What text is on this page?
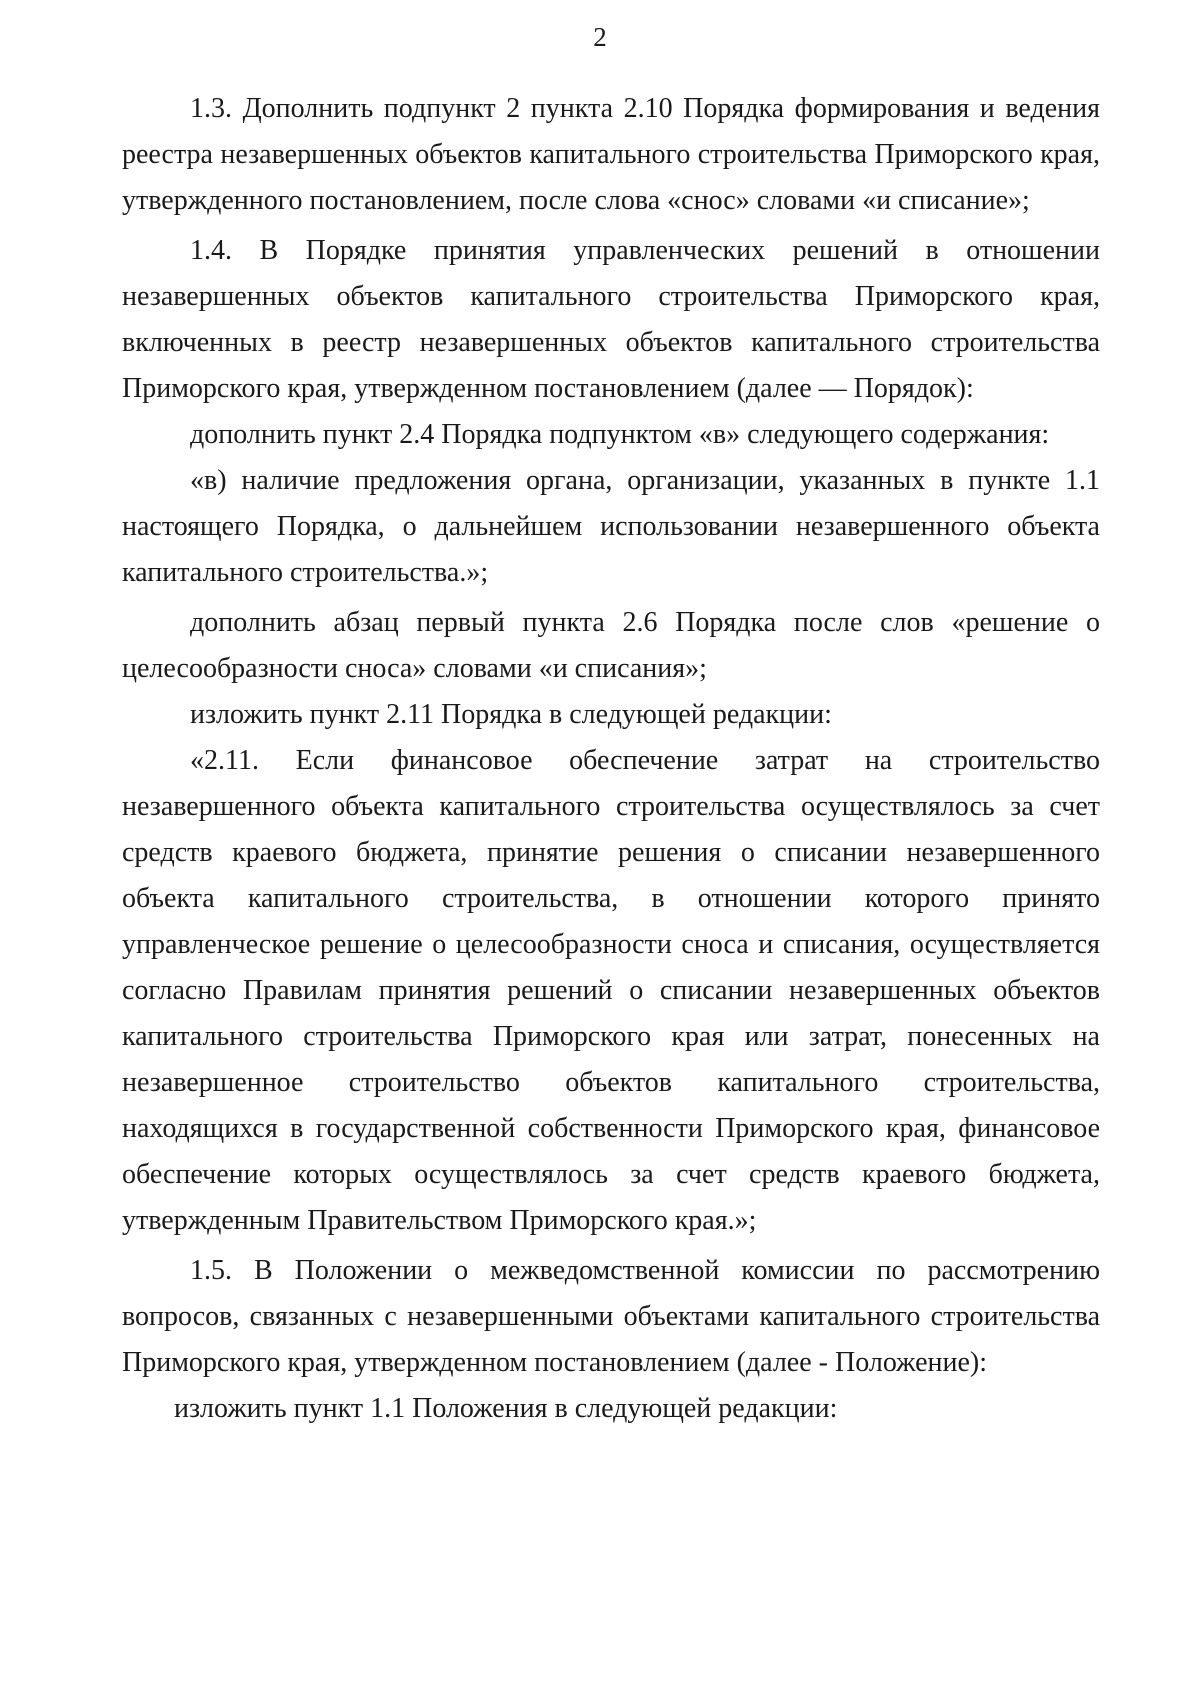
2

1.3. Дополнить подпункт 2 пункта 2.10 Порядка формирования и ведения реестра незавершенных объектов капитального строительства Приморского края, утвержденного постановлением, после слова «снос» словами «и списание»;

1.4. В Порядке принятия управленческих решений в отношении незавершенных объектов капитального строительства Приморского края, включенных в реестр незавершенных объектов капитального строительства Приморского края, утвержденном постановлением (далее — Порядок):

дополнить пункт 2.4 Порядка подпунктом «в» следующего содержания:

«в) наличие предложения органа, организации, указанных в пункте 1.1 настоящего Порядка, о дальнейшем использовании незавершенного объекта капитального строительства.»;

дополнить абзац первый пункта 2.6 Порядка после слов «решение о целесообразности сноса» словами «и списания»;

изложить пункт 2.11 Порядка в следующей редакции:

«2.11. Если финансовое обеспечение затрат на строительство незавершенного объекта капитального строительства осуществлялось за счет средств краевого бюджета, принятие решения о списании незавершенного объекта капитального строительства, в отношении которого принято управленческое решение о целесообразности сноса и списания, осуществляется согласно Правилам принятия решений о списании незавершенных объектов капитального строительства Приморского края или затрат, понесенных на незавершенное строительство объектов капитального строительства, находящихся в государственной собственности Приморского края, финансовое обеспечение которых осуществлялось за счет средств краевого бюджета, утвержденным Правительством Приморского края.»;

1.5. В Положении о межведомственной комиссии по рассмотрению вопросов, связанных с незавершенными объектами капитального строительства Приморского края, утвержденном постановлением (далее - Положение):

изложить пункт 1.1 Положения в следующей редакции:
